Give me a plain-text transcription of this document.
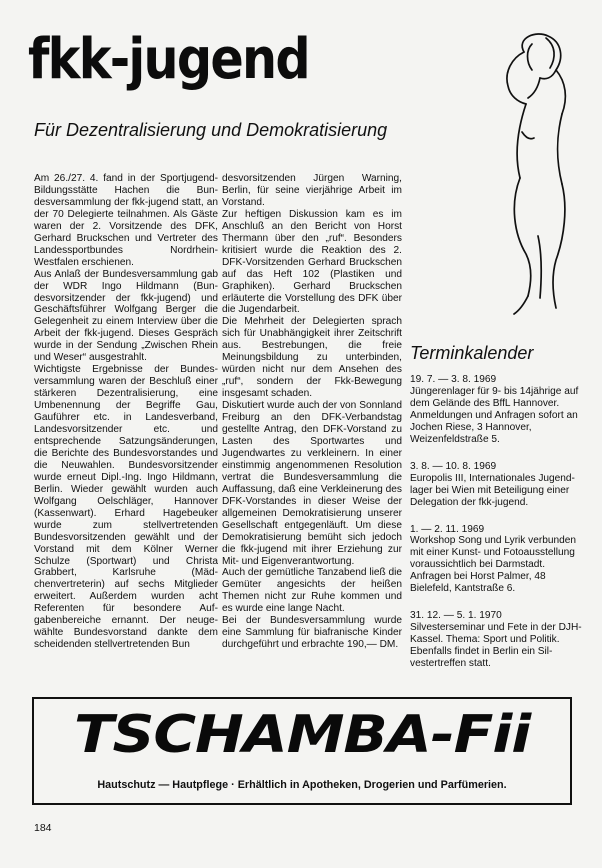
fkk-jugend
Für Dezentralisierung und Demokratisierung

Am 26./27. 4. fand in der Sportjugend-Bildungsstätte Hachen die Bundesversammlung der fkk-jugend statt, an der 70 Delegierte teilnahmen. Als Gäste waren der 2. Vorsitzende des DFK, Gerhard Bruckschen und Vertreter des Landessportbundes Nordrhein-Westfalen erschienen.

Aus Anlaß der Bundesversammlung gab der WDR Ingo Hildmann (Bundesvorsitzender der fkk-jugend) und Geschäftsführer Wolfgang Berger die Gelegenheit zu einem Interview über die Arbeit der fkk-jugend. Dieses Gespräch wurde in der Sendung „Zwischen Rhein und Weser“ ausgestrahlt.

Wichtigste Ergebnisse der Bundesversammlung waren der Beschluß einer stärkeren Dezentralisierung, eine Umbenennung der Begriffe Gau, Gauführer etc. in Landesverband, Landesvorsitzender etc. und entsprechende Satzungsänderungen, die Berichte des Bundesvorstandes und die Neuwahlen. Bundesvorsitzender wurde erneut Dipl.-Ing. Ingo Hildmann, Berlin. Wieder gewählt wurden auch Wolfgang Oelschläger, Hannover (Kassenwart). Erhard Hagebeuker wurde zum stellvertretenden Bundesvorsitzenden gewählt und der Vorstand mit dem Kölner Werner Schulze (Sportwart) und Christa Grabbert, Karlsruhe (Mädchenvertreterin) auf sechs Mitglieder erweitert. Außerdem wurden acht Referenten für besondere Aufgabenbereiche ernannt. Der neugewählte Bundesvorstand dankte dem scheidenden stellvertretenden Bun

desvorsitzenden Jürgen Warning, Berlin, für seine vierjährige Arbeit im Vorstand.

Zur heftigen Diskussion kam es im Anschluß an den Bericht von Horst Thermann über den „ruf“. Besonders kritisiert wurde die Reaktion des 2. DFK-Vorsitzenden Gerhard Bruckschen auf das Heft 102 (Plastiken und Graphiken). Gerhard Bruckschen erläuterte die Vorstellung des DFK über die Jugendarbeit.

Die Mehrheit der Delegierten sprach sich für Unabhängigkeit ihrer Zeitschrift aus. Bestrebungen, die freie Meinungsbildung zu unterbinden, würden nicht nur dem Ansehen des „ruf“, sondern der Fkk-Bewegung insgesamt schaden.

Diskutiert wurde auch der von Sonnland Freiburg an den DFK-Verbandstag gestellte Antrag, den DFK-Vorstand zu Lasten des Sportwartes und Jugendwartes zu verkleinern. In einer einstimmig angenommenen Resolution vertrat die Bundesversammlung die Auffassung, daß eine Verkleinerung des DFK-Vorstandes in dieser Weise der allgemeinen Demokratisierung unserer Gesellschaft entgegenläuft. Um diese Demokratisierung bemüht sich jedoch die fkk-jugend mit ihrer Erziehung zur Mit- und Eigenverantwortung.

Auch der gemütliche Tanzabend ließ die Gemüter angesichts der heißen Themen nicht zur Ruhe kommen und es wurde eine lange Nacht.

Bei der Bundesversammlung wurde eine Sammlung für biafranische Kinder durchgeführt und erbrachte 190,— DM.

Terminkalender

19. 7. — 3. 8. 1969

Jüngerenlager für 9- bis 14jährige auf dem Gelände des BffL Hannover. Anmeldungen und Anfragen sofort an Jochen Riese, 3 Hannover, Weizenfeldstraße 5.

3. 8. — 10. 8. 1969

Europolis III, Internationales Jugendlager bei Wien mit Beteiligung einer Delegation der fkk-jugend.

1. — 2. 11. 1969

Workshop Song und Lyrik verbunden mit einer Kunst- und Fotoausstellung voraussichtlich bei Darmstadt. Anfragen bei Horst Palmer, 48 Bielefeld, Kantstraße 6.

31. 12. — 5. 1. 1970

Silvesterseminar und Fete in der DJH-Kassel. Thema: Sport und Politik. Ebenfalls findet in Berlin ein Silvestertreffen statt.

TSCHAMBA-Fii
Hautschutz — Hautpflege · Erhältlich in Apotheken, Drogerien und Parfümerien.
184
